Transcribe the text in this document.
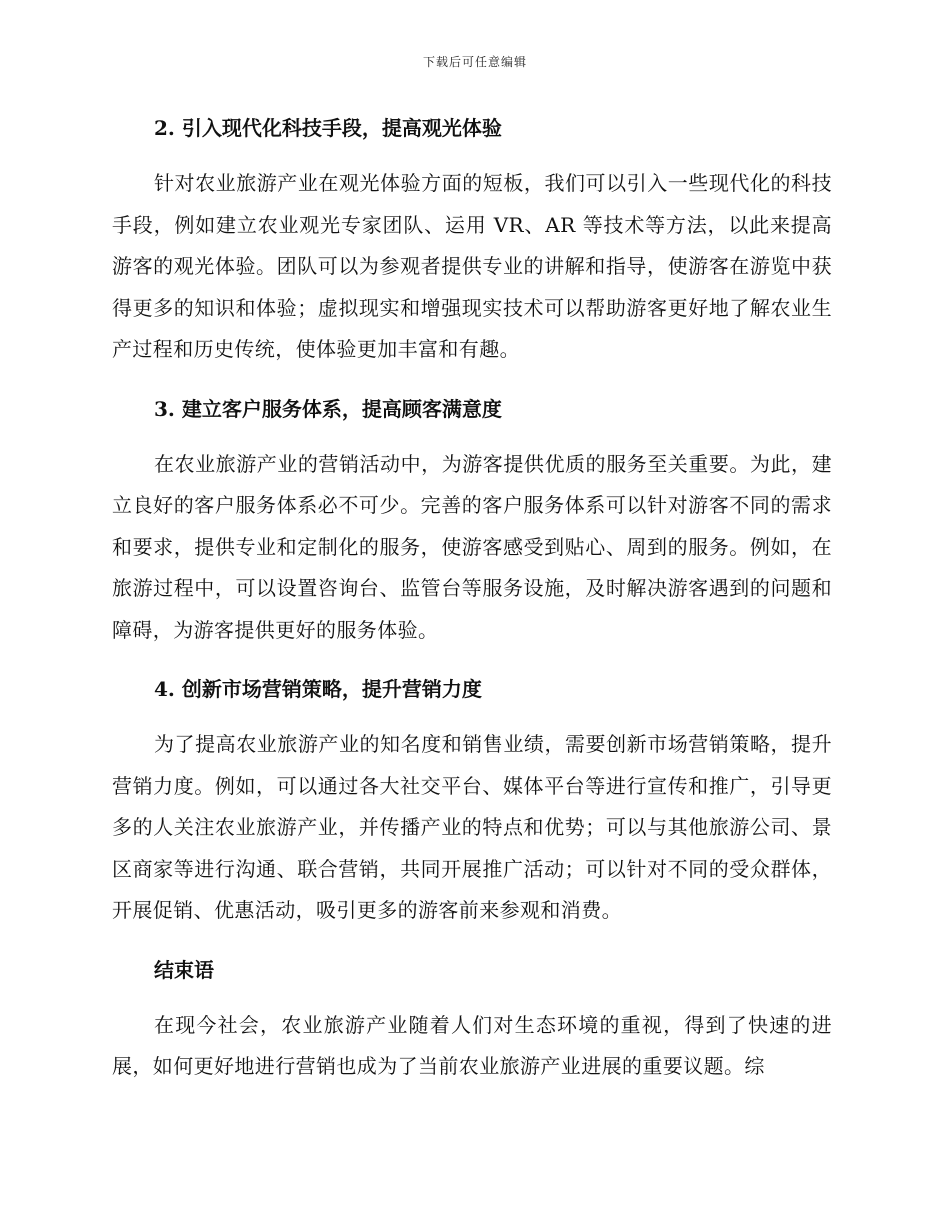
下载后可任意编辑
2. 引入现代化科技手段，提高观光体验

针对农业旅游产业在观光体验方面的短板，我们可以引入一些现代化的科技手段，例如建立农业观光专家团队、运用 VR、AR 等技术等方法，以此来提高游客的观光体验。团队可以为参观者提供专业的讲解和指导，使游客在游览中获得更多的知识和体验；虚拟现实和增强现实技术可以帮助游客更好地了解农业生产过程和历史传统，使体验更加丰富和有趣。

3. 建立客户服务体系，提高顾客满意度

在农业旅游产业的营销活动中，为游客提供优质的服务至关重要。为此，建立良好的客户服务体系必不可少。完善的客户服务体系可以针对游客不同的需求和要求，提供专业和定制化的服务，使游客感受到贴心、周到的服务。例如，在旅游过程中，可以设置咨询台、监管台等服务设施，及时解决游客遇到的问题和障碍，为游客提供更好的服务体验。

4. 创新市场营销策略，提升营销力度

为了提高农业旅游产业的知名度和销售业绩，需要创新市场营销策略，提升营销力度。例如，可以通过各大社交平台、媒体平台等进行宣传和推广，引导更多的人关注农业旅游产业，并传播产业的特点和优势；可以与其他旅游公司、景区商家等进行沟通、联合营销，共同开展推广活动；可以针对不同的受众群体，开展促销、优惠活动，吸引更多的游客前来参观和消费。

结束语

在现今社会，农业旅游产业随着人们对生态环境的重视，得到了快速的进展，如何更好地进行营销也成为了当前农业旅游产业进展的重要议题。综
